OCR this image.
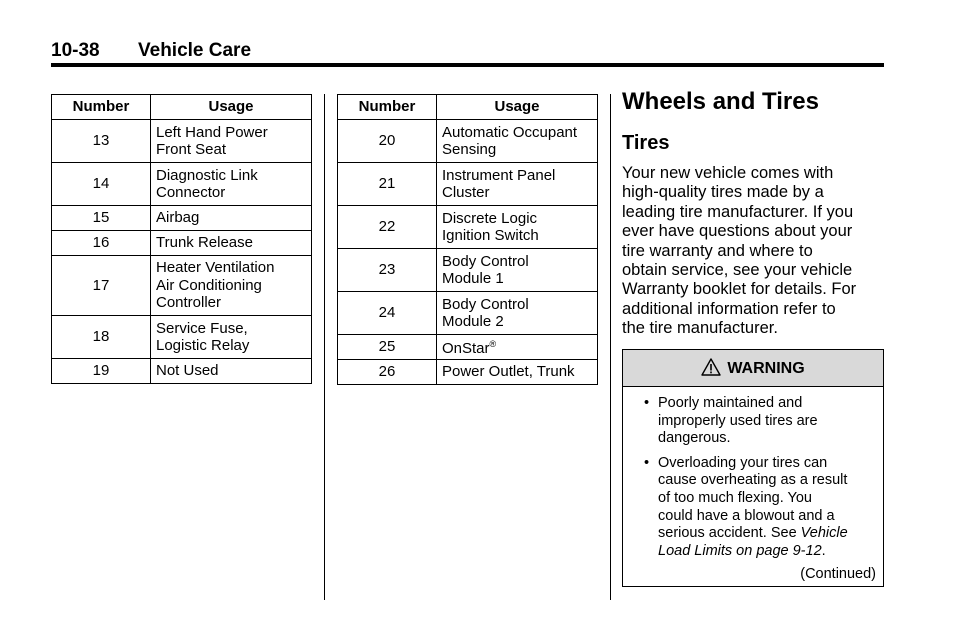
10-38 Vehicle Care
Number	Usage
13	Left Hand Power
Front Seat
14	Diagnostic Link
Connector
15	Airbag
16	Trunk Release
17	Heater Ventilation
Air Conditioning
Controller
18	Service Fuse,
Logistic Relay
19	Not Used
Number	Usage
20	Automatic Occupant
Sensing
21	Instrument Panel
Cluster
22	Discrete Logic
Ignition Switch
23	Body Control
Module 1
24	Body Control
Module 2
25	OnStar®
26	Power Outlet, Trunk
Wheels and Tires
Tires
Your new vehicle comes with
high-quality tires made by a
leading tire manufacturer. If you
ever have questions about your
tire warranty and where to
obtain service, see your vehicle
Warranty booklet for details. For
additional information refer to
the tire manufacturer.
WARNING
• Poorly maintained and
improperly used tires are
dangerous.
• Overloading your tires can
cause overheating as a result
of too much flexing. You
could have a blowout and a
serious accident. See Vehicle
Load Limits on page 9-12.
(Continued)
